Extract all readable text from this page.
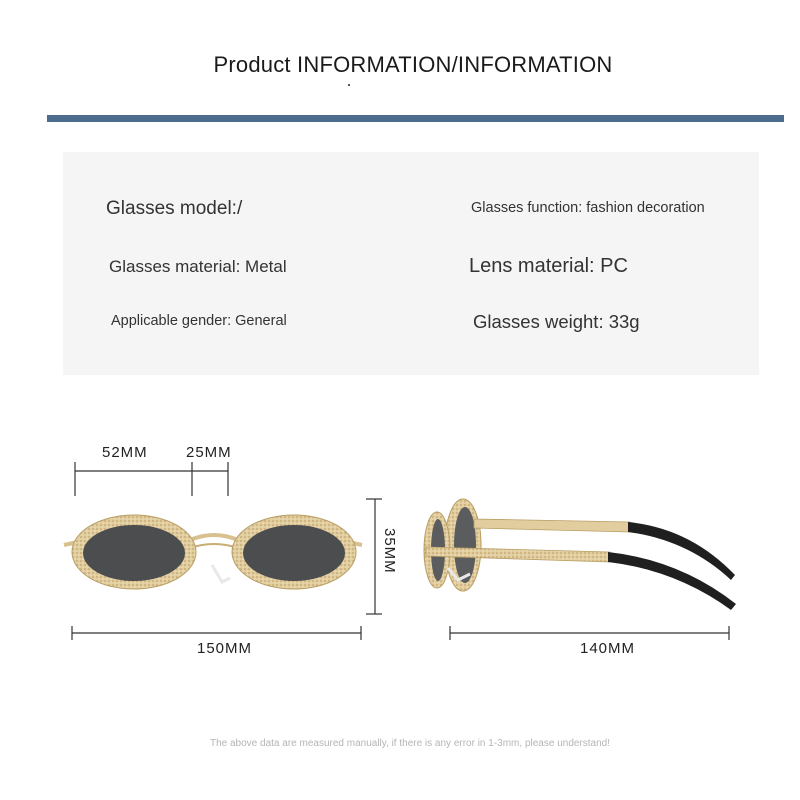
Product INFORMATION/INFORMATION
Glasses model:/	Glasses function: fashion decoration
Glasses material: Metal	Lens material: PC
Applicable gender: General	Glasses weight: 33g
52MM	25MM
35MM
150MM	140MM
The above data are measured manually, if there is any error in 1-3mm, please understand!
